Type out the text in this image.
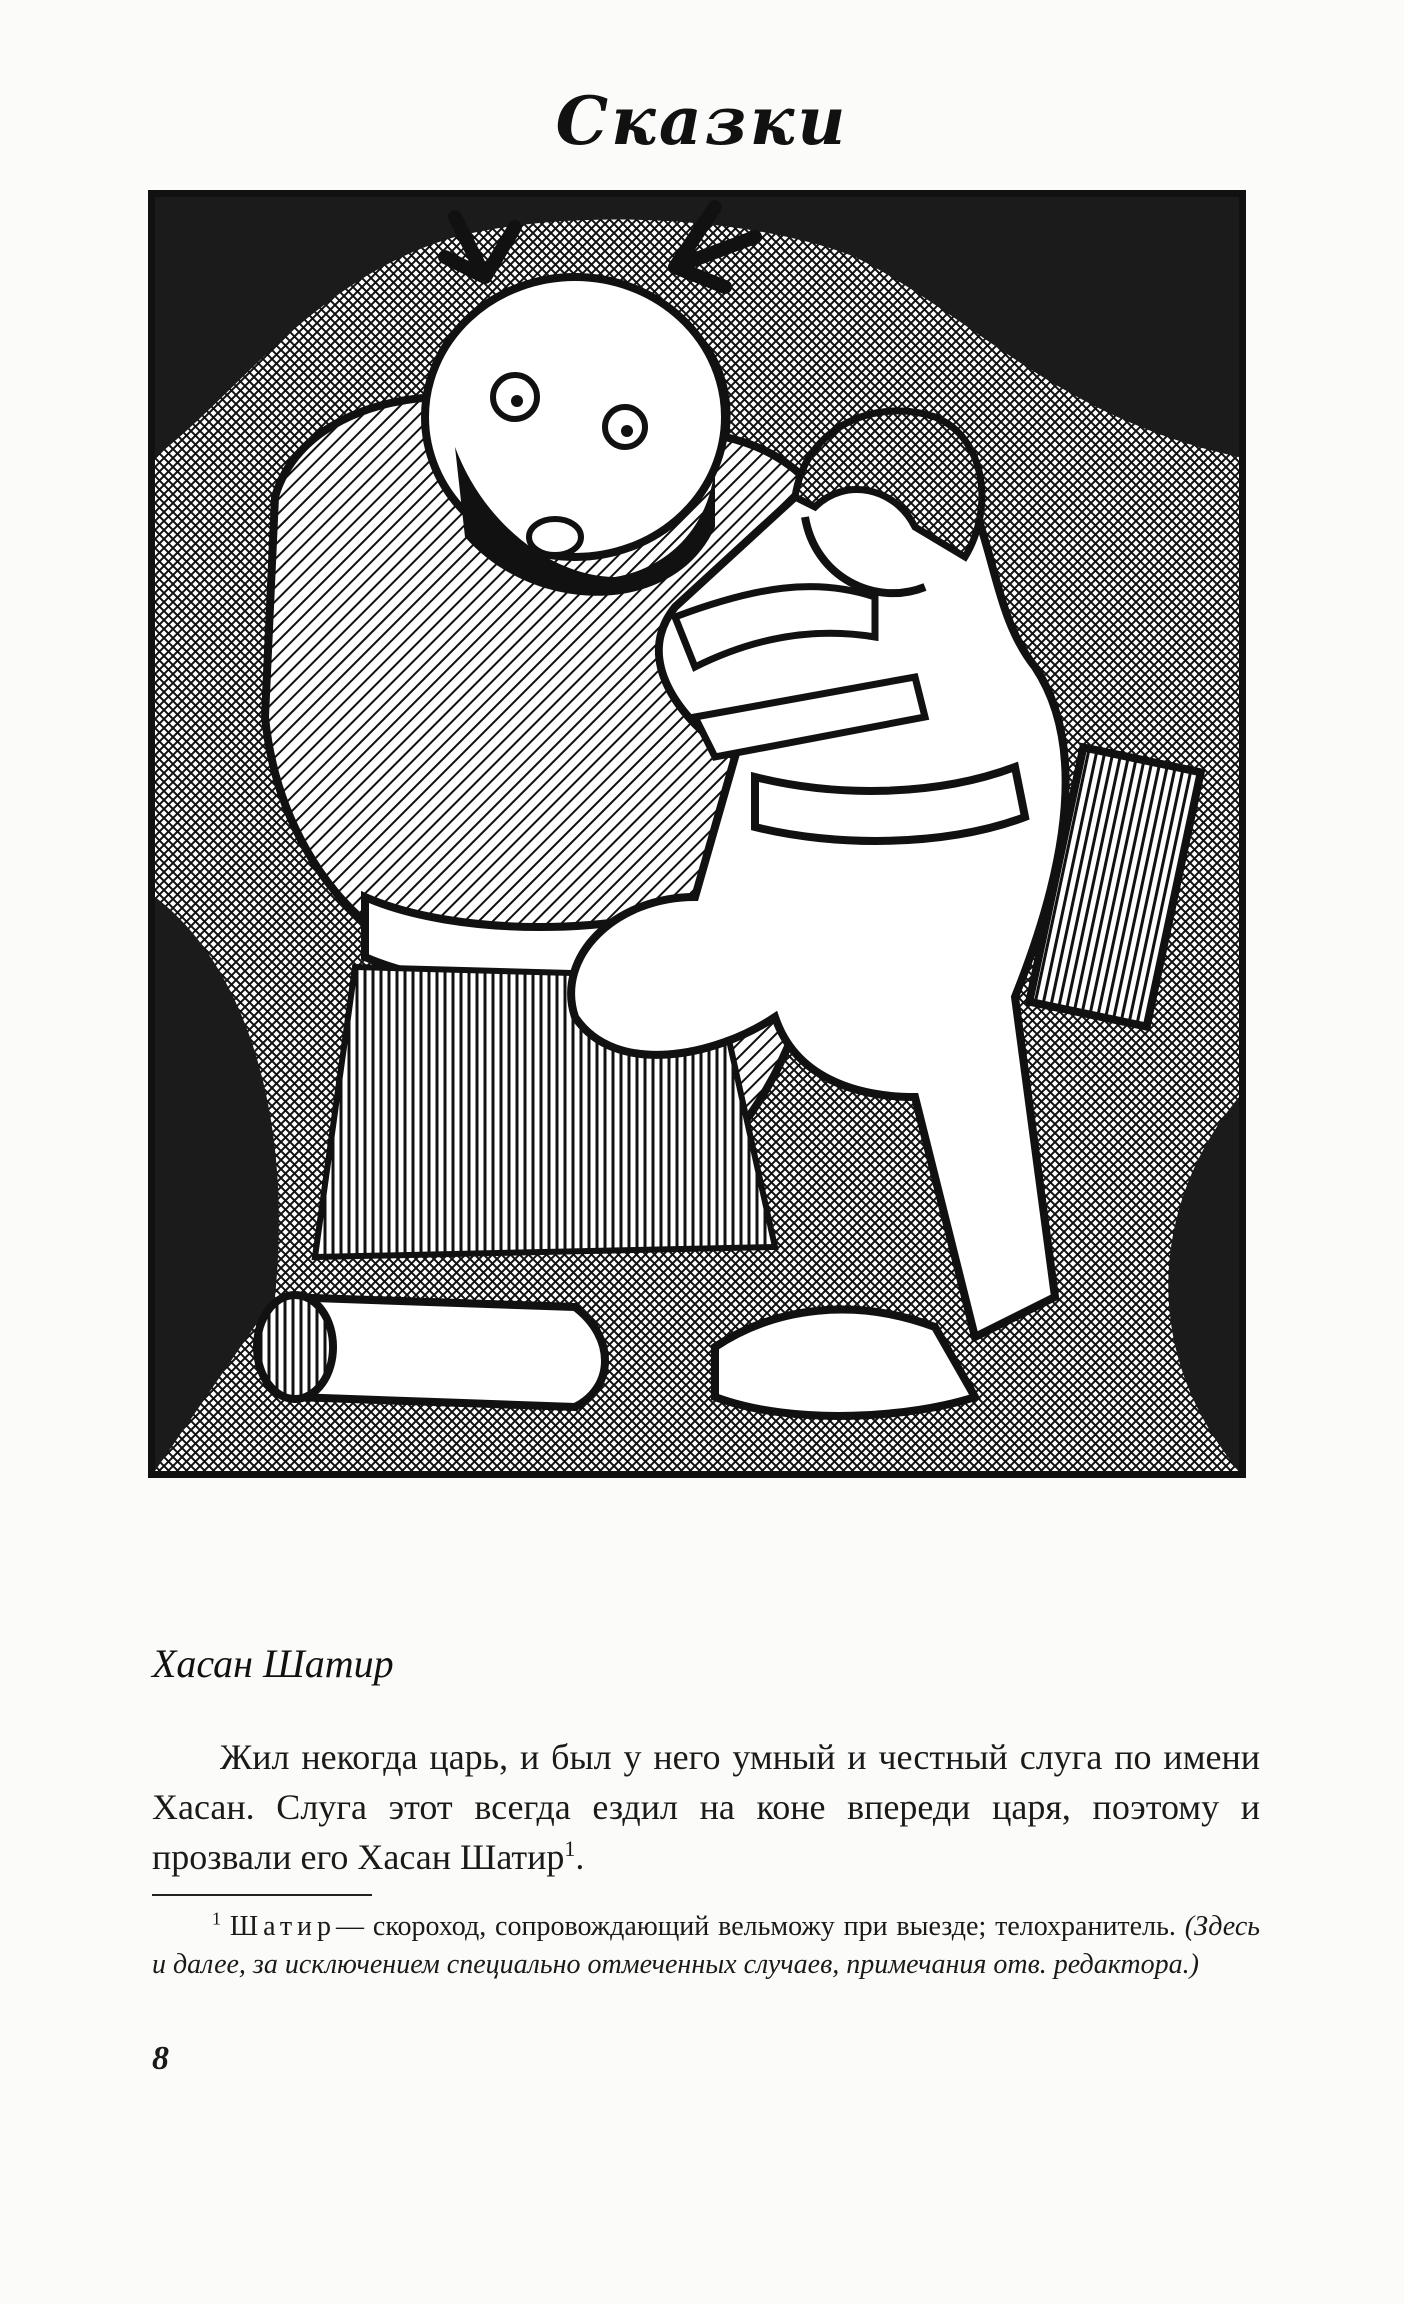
Сказки
Хасан Шатир

Жил некогда царь, и был у него умный и честный слуга по имени Хасан. Слуга этот всегда ездил на коне впереди царя, поэтому и прозвали его Хасан Шатир$^1$.

$^1$ Шатир— скороход, сопровождающий вельможу при выезде; телохранитель. (Здесь и далее, за исключением специально отмеченных случаев, примечания отв. редактора.)

8
